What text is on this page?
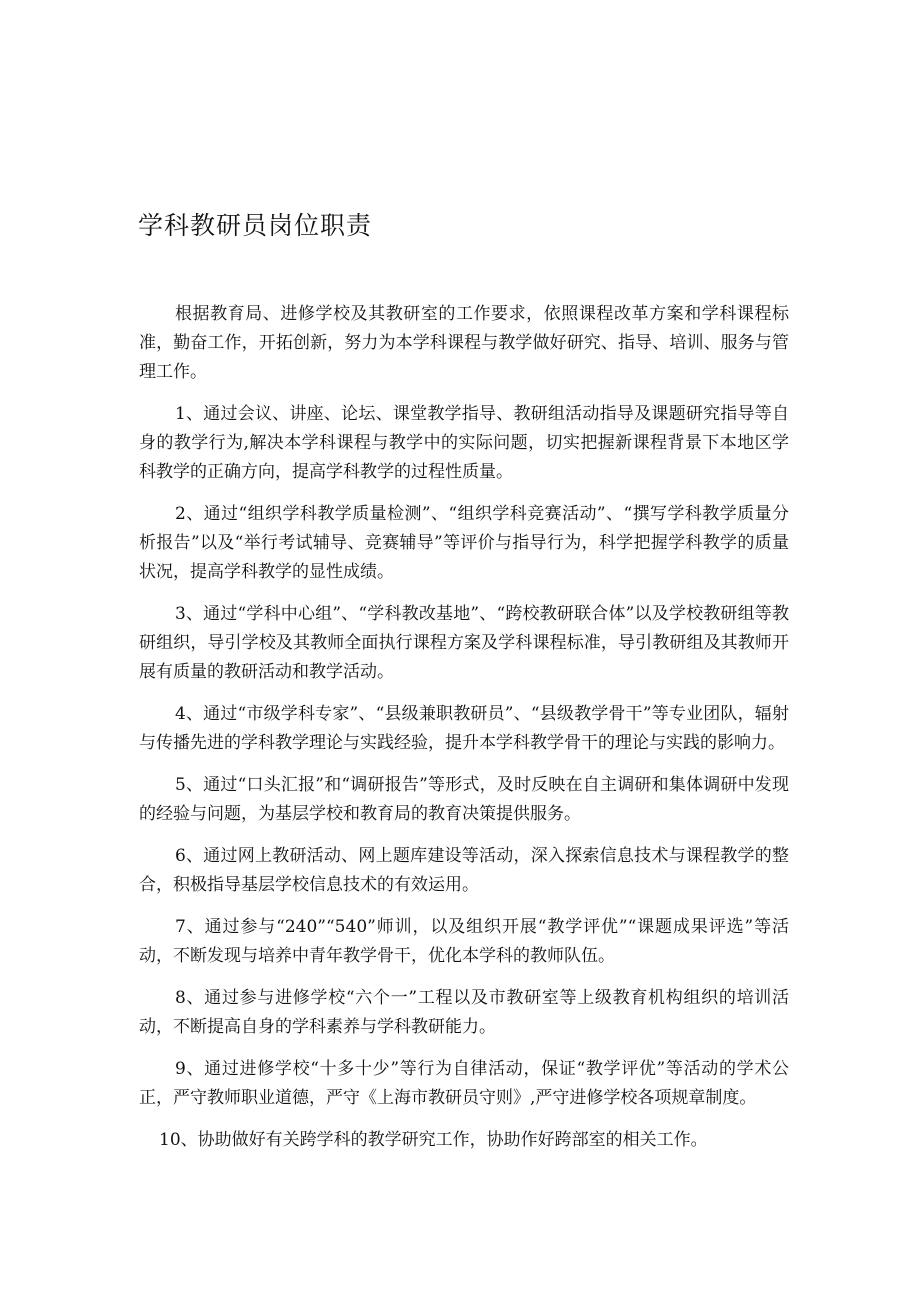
学科教研员岗位职责

根据教育局、进修学校及其教研室的工作要求，依照课程改革方案和学科课程标准，勤奋工作，开拓创新，努力为本学科课程与教学做好研究、指导、培训、服务与管理工作。

1、通过会议、讲座、论坛、课堂教学指导、教研组活动指导及课题研究指导等自身的教学行为,解决本学科课程与教学中的实际问题，切实把握新课程背景下本地区学科教学的正确方向，提高学科教学的过程性质量。

2、通过“组织学科教学质量检测”、“组织学科竞赛活动”、“撰写学科教学质量分析报告”以及“举行考试辅导、竞赛辅导”等评价与指导行为，科学把握学科教学的质量状况，提高学科教学的显性成绩。

3、通过“学科中心组”、“学科教改基地”、“跨校教研联合体”以及学校教研组等教研组织，导引学校及其教师全面执行课程方案及学科课程标准，导引教研组及其教师开展有质量的教研活动和教学活动。

4、通过“市级学科专家”、“县级兼职教研员”、“县级教学骨干”等专业团队，辐射与传播先进的学科教学理论与实践经验，提升本学科教学骨干的理论与实践的影响力。

5、通过“口头汇报”和“调研报告”等形式，及时反映在自主调研和集体调研中发现的经验与问题，为基层学校和教育局的教育决策提供服务。

6、通过网上教研活动、网上题库建设等活动，深入探索信息技术与课程教学的整合，积极指导基层学校信息技术的有效运用。

7、通过参与“240”“540”师训，以及组织开展“教学评优”“课题成果评选”等活动，不断发现与培养中青年教学骨干，优化本学科的教师队伍。

8、通过参与进修学校“六个一”工程以及市教研室等上级教育机构组织的培训活动，不断提高自身的学科素养与学科教研能力。

9、通过进修学校“十多十少”等行为自律活动，保证“教学评优”等活动的学术公正，严守教师职业道德，严守《上海市教研员守则》,严守进修学校各项规章制度。

10、协助做好有关跨学科的教学研究工作，协助作好跨部室的相关工作。
